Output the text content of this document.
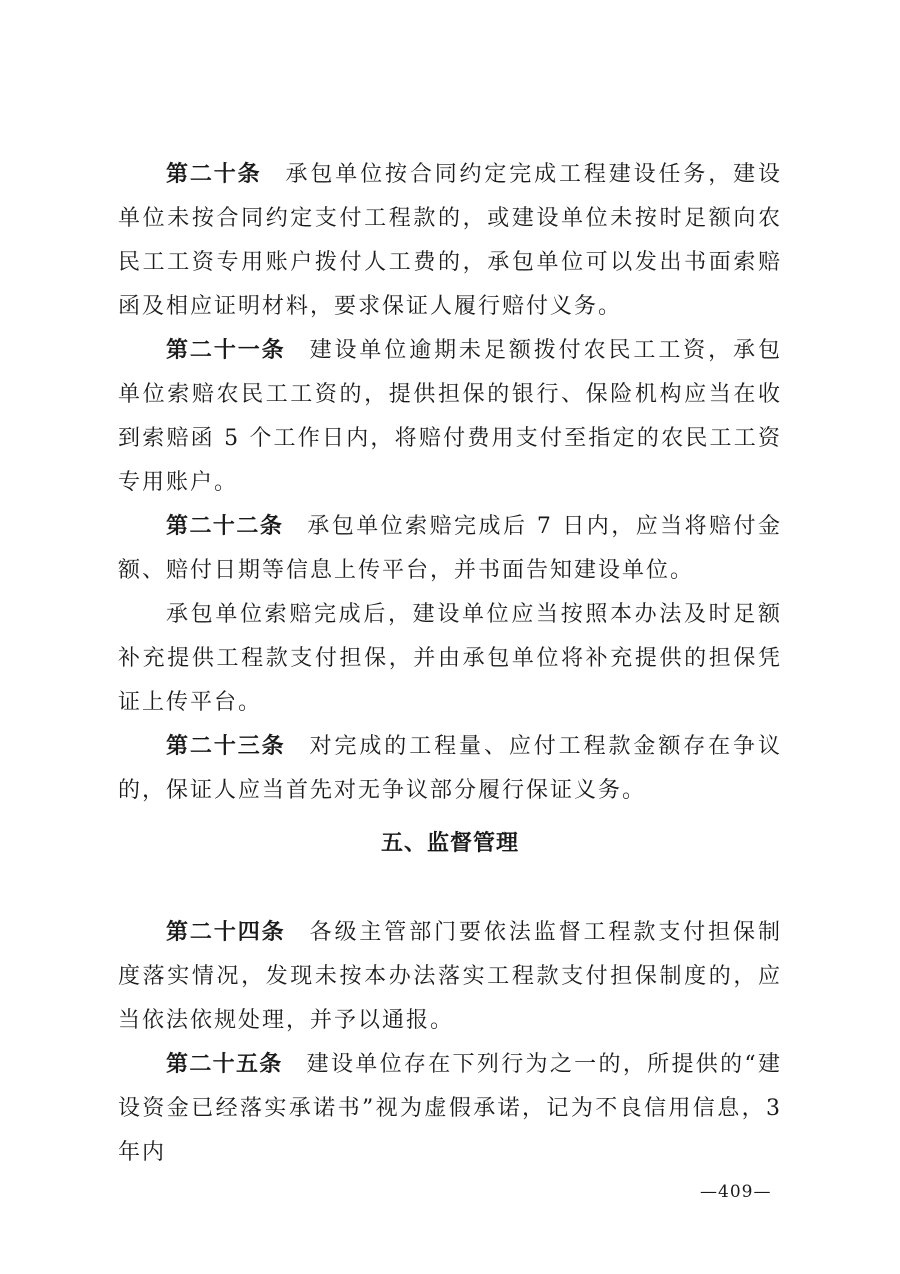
第二十条 承包单位按合同约定完成工程建设任务，建设单位未按合同约定支付工程款的，或建设单位未按时足额向农民工工资专用账户拨付人工费的，承包单位可以发出书面索赔函及相应证明材料，要求保证人履行赔付义务。

第二十一条 建设单位逾期未足额拨付农民工工资，承包单位索赔农民工工资的，提供担保的银行、保险机构应当在收到索赔函 5 个工作日内，将赔付费用支付至指定的农民工工资专用账户。

第二十二条 承包单位索赔完成后 7 日内，应当将赔付金额、赔付日期等信息上传平台，并书面告知建设单位。

承包单位索赔完成后，建设单位应当按照本办法及时足额补充提供工程款支付担保，并由承包单位将补充提供的担保凭证上传平台。

第二十三条 对完成的工程量、应付工程款金额存在争议的，保证人应当首先对无争议部分履行保证义务。

五、监督管理

第二十四条 各级主管部门要依法监督工程款支付担保制度落实情况，发现未按本办法落实工程款支付担保制度的，应当依法依规处理，并予以通报。

第二十五条 建设单位存在下列行为之一的，所提供的“建设资金已经落实承诺书”视为虚假承诺，记为不良信用信息，3 年内

—409—
